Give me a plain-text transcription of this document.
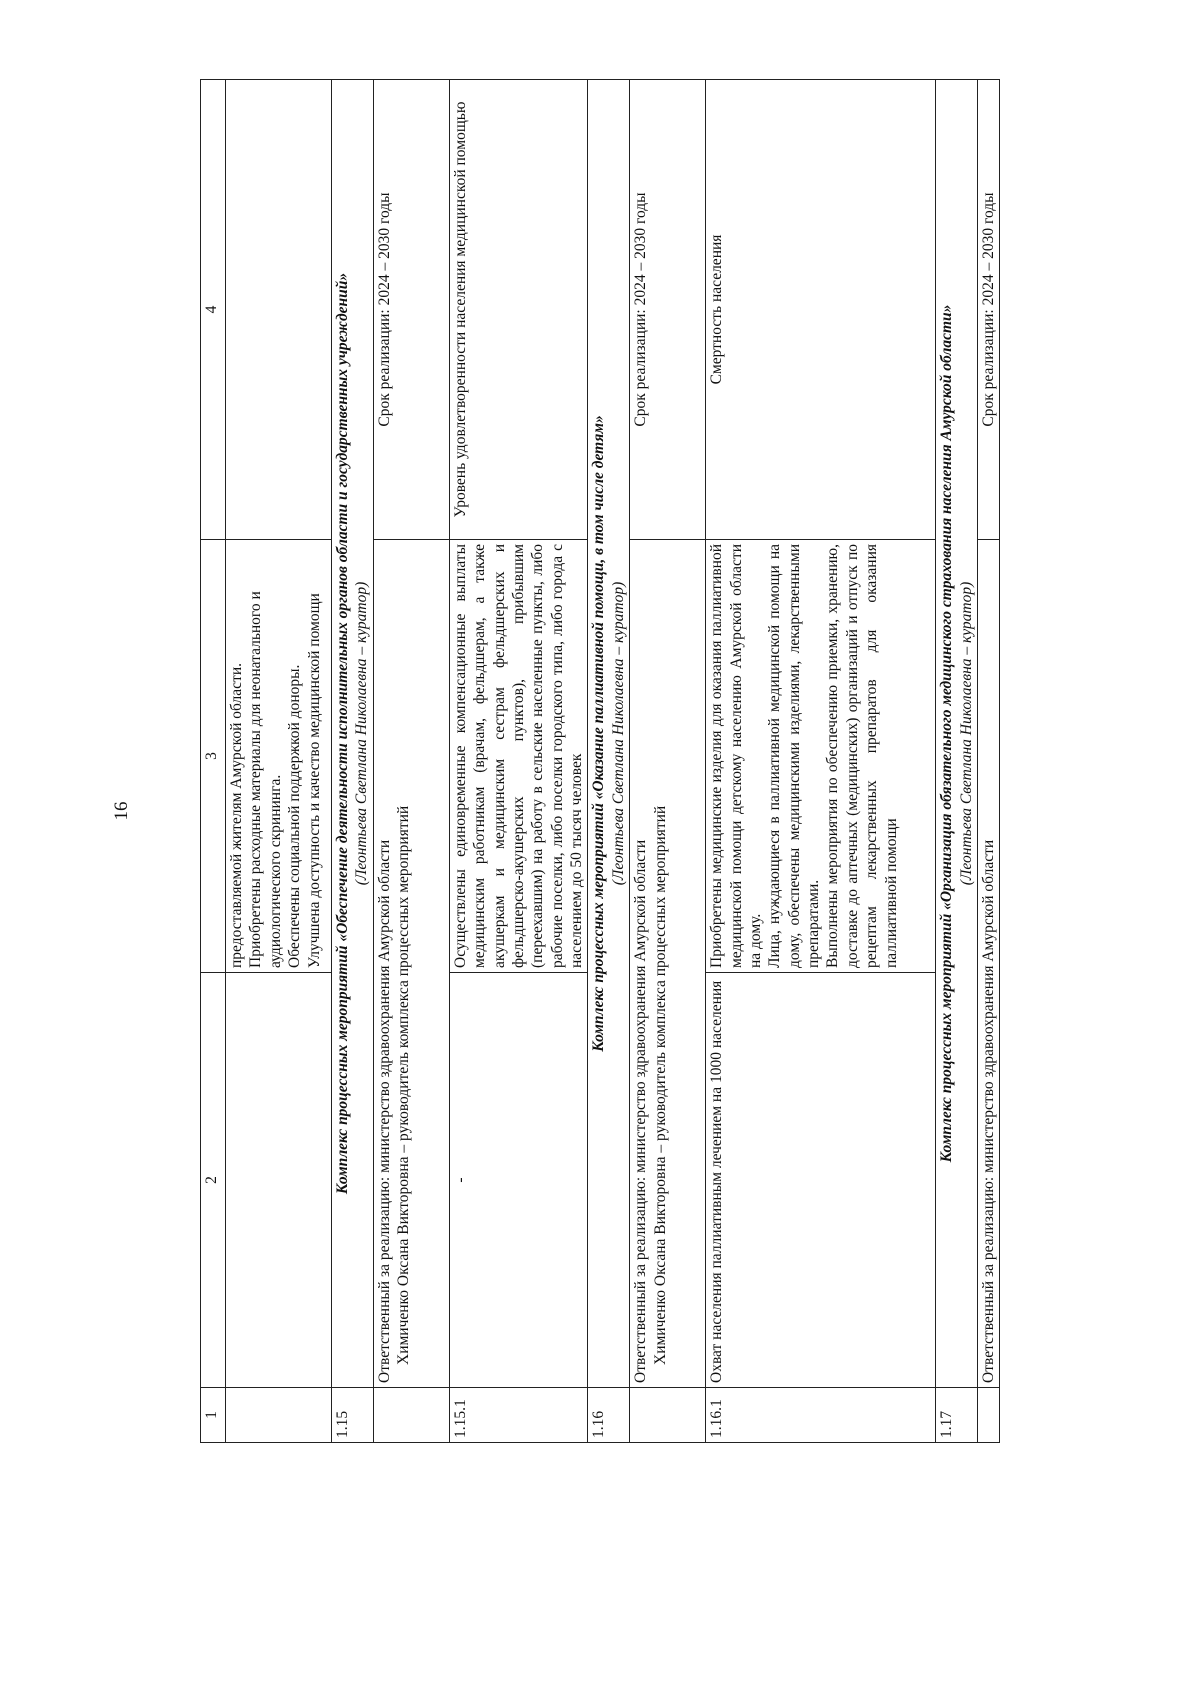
16
1	2	3	4

		предоставляемой жителям Амурской области. Приобретены расходные материалы для неонатального и аудиологического скрининга. Обеспечены социальной поддержкой доноры. Улучшена доступность и качество медицинской помощи	

1.15	Комплекс процессных мероприятий «Обеспечение деятельности исполнительных органов области и государственных учреждений» (Леонтьева Светлана Николаевна – куратор)		

	Ответственный за реализацию: министерство здравоохранения Амурской области Химиченко Оксана Викторовна – руководитель комплекса процессных мероприятий		Срок реализации: 2024 – 2030 годы
1.15.1	-	Осуществлены единовременные компенсационные выплаты медицинским работникам (врачам, фельдшерам, а также акушеркам и медицинским сестрам фельдшерских и фельдшерско-акушерских пунктов), прибывшим (переехавшим) на работу в сельские населенные пункты, либо рабочие поселки, либо поселки городского типа, либо города с населением до 50 тысяч человек	Уровень удовлетворенности населения медицинской помощью
1.16	Комплекс процессных мероприятий «Оказание паллиативной помощи, в том числе детям» (Леонтьева Светлана Николаевна – куратор)		

	Ответственный за реализацию: министерство здравоохранения Амурской области Химиченко Оксана Викторовна – руководитель комплекса процессных мероприятий		Срок реализации: 2024 – 2030 годы
1.16.1	Охват населения паллиативным лечением на 1000 населения	Приобретены медицинские изделия для оказания паллиативной медицинской помощи детскому населению Амурской области на дому. Лица, нуждающиеся в паллиативной медицинской помощи на дому, обеспечены медицинскими изделиями, лекарственными препаратами. Выполнены мероприятия по обеспечению приемки, хранению, доставке до аптечных (медицинских) организаций и отпуск по рецептам лекарственных препаратов для оказания паллиативной помощи	Смертность населения
1.17	Комплекс процессных мероприятий «Организация обязательного медицинского страхования населения Амурской области» (Леонтьева Светлана Николаевна – куратор)		

	Ответственный за реализацию: министерство здравоохранения Амурской области		Срок реализации: 2024 – 2030 годы
